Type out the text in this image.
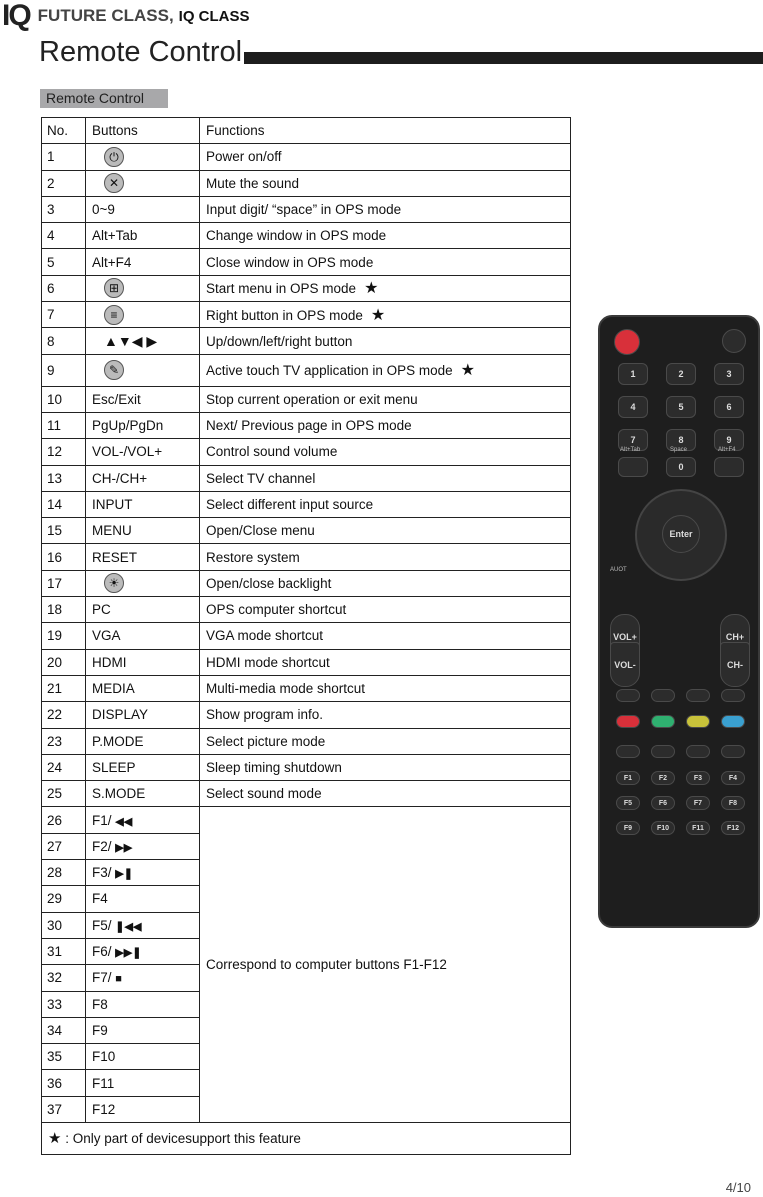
IQ FUTURE CLASS, IQ CLASS
Remote Control
Remote Control
No.	Buttons	Functions
1	⏻	Power on/off
2	✕	Mute the sound
3	0~9	Input digit/ “space” in OPS mode
4	Alt+Tab	Change window in OPS mode
5	Alt+F4	Close window in OPS mode
6	⊞	Start menu in OPS mode ★
7	≡	Right button in OPS mode ★
8	▲▼◀ ▶	Up/down/left/right button
9	✎	Active touch TV application in OPS mode ★
10	Esc/Exit	Stop current operation or exit menu
11	PgUp/PgDn	Next/ Previous page in OPS mode
12	VOL-/VOL+	Control sound volume
13	CH-/CH+	Select TV channel
14	INPUT	Select different input source
15	MENU	Open/Close menu
16	RESET	Restore system
17	☀	Open/close backlight
18	PC	OPS computer shortcut
19	VGA	VGA mode shortcut
20	HDMI	HDMI mode shortcut
21	MEDIA	Multi-media mode shortcut
22	DISPLAY	Show program info.
23	P.MODE	Select picture mode
24	SLEEP	Sleep timing shutdown
25	S.MODE	Select sound mode
26	F1/ ◀◀	Correspond to computer buttons F1-F12
27	F2/ ▶▶	
28	F3/ ▶❚	
29	F4	
30	F5/ ❚◀◀	
31	F6/ ▶▶❚	
32	F7/ ■	
33	F8	
34	F9	
35	F10	
36	F11	
37	F12	
★ : Only part of devicesupport this feature		
1	2	3
4	5	6
7	8	9
Alt+Tab	Space	Alt+F4
0
Enter
AUOT
VOL+
VOL-
CH+
CH-
F1	F2	F3	F4
F5	F6	F7	F8
F9	F10	F11	F12
4/10
